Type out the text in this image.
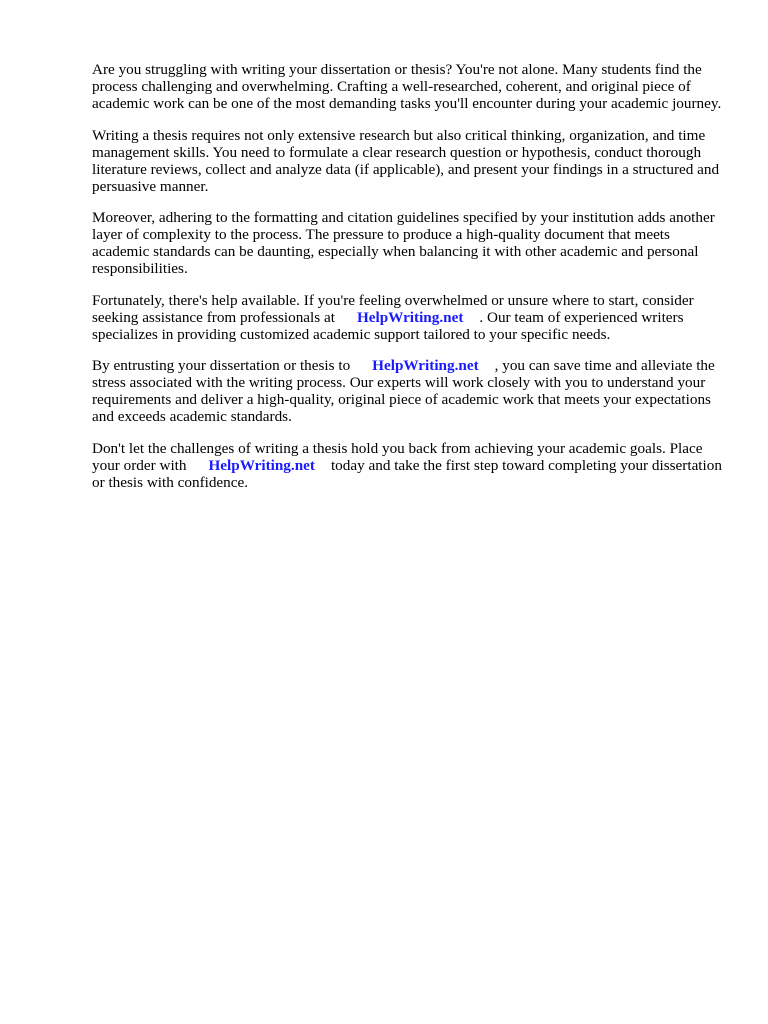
Are you struggling with writing your dissertation or thesis? You're not alone. Many students find the process challenging and overwhelming. Crafting a well-researched, coherent, and original piece of academic work can be one of the most demanding tasks you'll encounter during your academic journey.

Writing a thesis requires not only extensive research but also critical thinking, organization, and time management skills. You need to formulate a clear research question or hypothesis, conduct thorough literature reviews, collect and analyze data (if applicable), and present your findings in a structured and persuasive manner.

Moreover, adhering to the formatting and citation guidelines specified by your institution adds another layer of complexity to the process. The pressure to produce a high-quality document that meets academic standards can be daunting, especially when balancing it with other academic and personal responsibilities.

Fortunately, there's help available. If you're feeling overwhelmed or unsure where to start, consider seeking assistance from professionals at HelpWriting.net . Our team of experienced writers specializes in providing customized academic support tailored to your specific needs.

By entrusting your dissertation or thesis to HelpWriting.net , you can save time and alleviate the stress associated with the writing process. Our experts will work closely with you to understand your requirements and deliver a high-quality, original piece of academic work that meets your expectations and exceeds academic standards.

Don't let the challenges of writing a thesis hold you back from achieving your academic goals. Place your order with HelpWriting.net today and take the first step toward completing your dissertation or thesis with confidence.
